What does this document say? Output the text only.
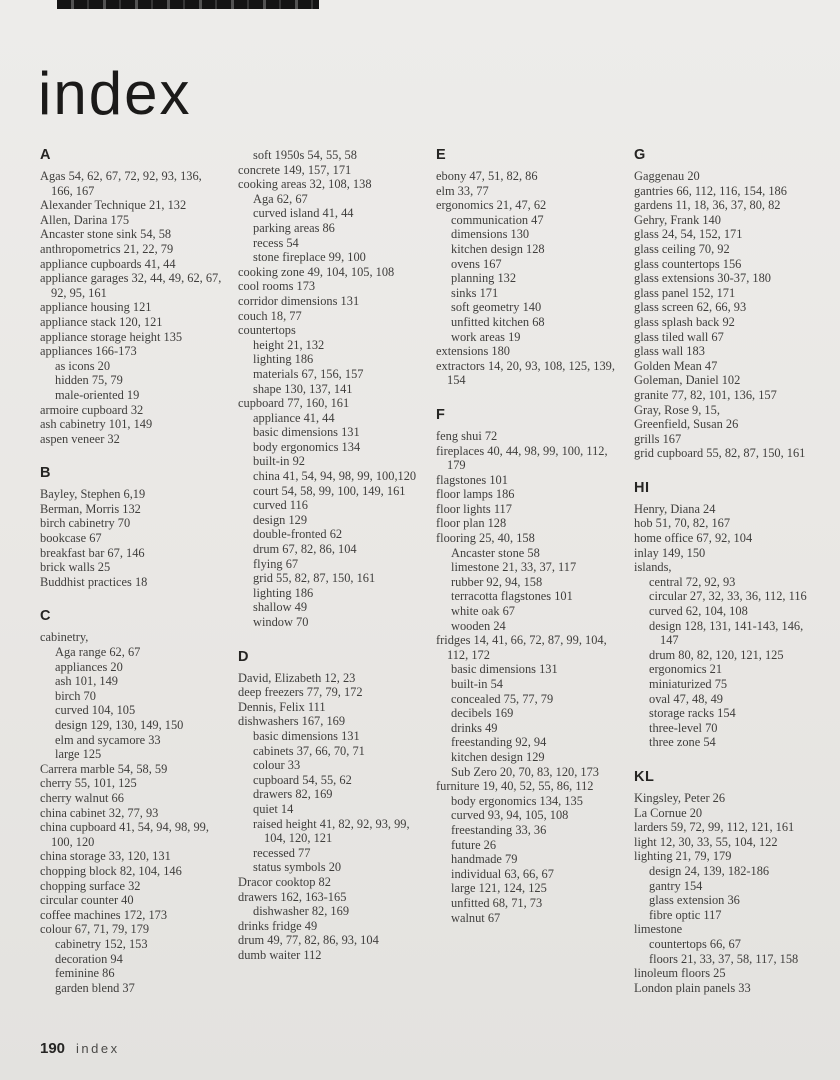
index
A
Agas 54, 62, 67, 72, 92, 93, 136, 166, 167
Alexander Technique 21, 132
Allen, Darina 175
Ancaster stone sink 54, 58
anthropometrics 21, 22, 79
appliance cupboards 41, 44
appliance garages 32, 44, 49, 62, 67, 92, 95, 161
appliance housing 121
appliance stack 120, 121
appliance storage height 135
appliances 166-173
as icons 20
hidden 75, 79
male-oriented 19
armoire cupboard 32
ash cabinetry 101, 149
aspen veneer 32
B
Bayley, Stephen 6,19
Berman, Morris 132
birch cabinetry 70
bookcase 67
breakfast bar 67, 146
brick walls 25
Buddhist practices 18
C
cabinetry,
Aga range 62, 67
appliances 20
ash 101, 149
birch 70
curved 104, 105
design 129, 130, 149, 150
elm and sycamore 33
large 125
Carrera marble 54, 58, 59
cherry 55, 101, 125
cherry walnut 66
china cabinet 32, 77, 93
china cupboard 41, 54, 94, 98, 99, 100, 120
china storage 33, 120, 131
chopping block 82, 104, 146
chopping surface 32
circular counter 40
coffee machines 172, 173
colour 67, 71, 79, 179
cabinetry 152, 153
decoration 94
feminine 86
garden blend 37
soft 1950s 54, 55, 58
concrete 149, 157, 171
cooking areas 32, 108, 138
Aga 62, 67
curved island 41, 44
parking areas 86
recess 54
stone fireplace 99, 100
cooking zone 49, 104, 105, 108
cool rooms 173
corridor dimensions 131
couch 18, 77
countertops
height 21, 132
lighting 186
materials 67, 156, 157
shape 130, 137, 141
cupboard 77, 160, 161
appliance 41, 44
basic dimensions 131
body ergonomics 134
built-in 92
china 41, 54, 94, 98, 99, 100,120
court 54, 58, 99, 100, 149, 161
curved 116
design 129
double-fronted 62
drum 67, 82, 86, 104
flying 67
grid 55, 82, 87, 150, 161
lighting 186
shallow 49
window 70
D
David, Elizabeth 12, 23
deep freezers 77, 79, 172
Dennis, Felix 111
dishwashers 167, 169
basic dimensions 131
cabinets 37, 66, 70, 71
colour 33
cupboard 54, 55, 62
drawers 82, 169
quiet 14
raised height 41, 82, 92, 93, 99, 104, 120, 121
recessed 77
status symbols 20
Dracor cooktop 82
drawers 162, 163-165
dishwasher 82, 169
drinks fridge 49
drum 49, 77, 82, 86, 93, 104
dumb waiter 112
E
ebony 47, 51, 82, 86
elm 33, 77
ergonomics 21, 47, 62
communication 47
dimensions 130
kitchen design 128
ovens 167
planning 132
sinks 171
soft geometry 140
unfitted kitchen 68
work areas 19
extensions 180
extractors 14, 20, 93, 108, 125, 139, 154
F
feng shui 72
fireplaces 40, 44, 98, 99, 100, 112, 179
flagstones 101
floor lamps 186
floor lights 117
floor plan 128
flooring 25, 40, 158
Ancaster stone 58
limestone 21, 33, 37, 117
rubber 92, 94, 158
terracotta flagstones 101
white oak 67
wooden 24
fridges 14, 41, 66, 72, 87, 99, 104, 112, 172
basic dimensions 131
built-in 54
concealed 75, 77, 79
decibels 169
drinks 49
freestanding 92, 94
kitchen design 129
Sub Zero 20, 70, 83, 120, 173
furniture 19, 40, 52, 55, 86, 112
body ergonomics 134, 135
curved 93, 94, 105, 108
freestanding 33, 36
future 26
handmade 79
individual 63, 66, 67
large 121, 124, 125
unfitted 68, 71, 73
walnut 67
G
Gaggenau 20
gantries 66, 112, 116, 154, 186
gardens 11, 18, 36, 37, 80, 82
Gehry, Frank 140
glass 24, 54, 152, 171
glass ceiling 70, 92
glass countertops 156
glass extensions 30-37, 180
glass panel 152, 171
glass screen 62, 66, 93
glass splash back 92
glass tiled wall 67
glass wall 183
Golden Mean 47
Goleman, Daniel 102
granite 77, 82, 101, 136, 157
Gray, Rose 9, 15,
Greenfield, Susan 26
grills 167
grid cupboard 55, 82, 87, 150, 161
HI
Henry, Diana 24
hob 51, 70, 82, 167
home office 67, 92, 104
inlay 149, 150
islands,
central 72, 92, 93
circular 27, 32, 33, 36, 112, 116
curved 62, 104, 108
design 128, 131, 141-143, 146, 147
drum 80, 82, 120, 121, 125
ergonomics 21
miniaturized 75
oval 47, 48, 49
storage racks 154
three-level 70
three zone 54
KL
Kingsley, Peter 26
La Cornue 20
larders 59, 72, 99, 112, 121, 161
light 12, 30, 33, 55, 104, 122
lighting 21, 79, 179
design 24, 139, 182-186
gantry 154
glass extension 36
fibre optic 117
limestone
countertops 66, 67
floors 21, 33, 37, 58, 117, 158
linoleum floors 25
London plain panels 33
190 index
